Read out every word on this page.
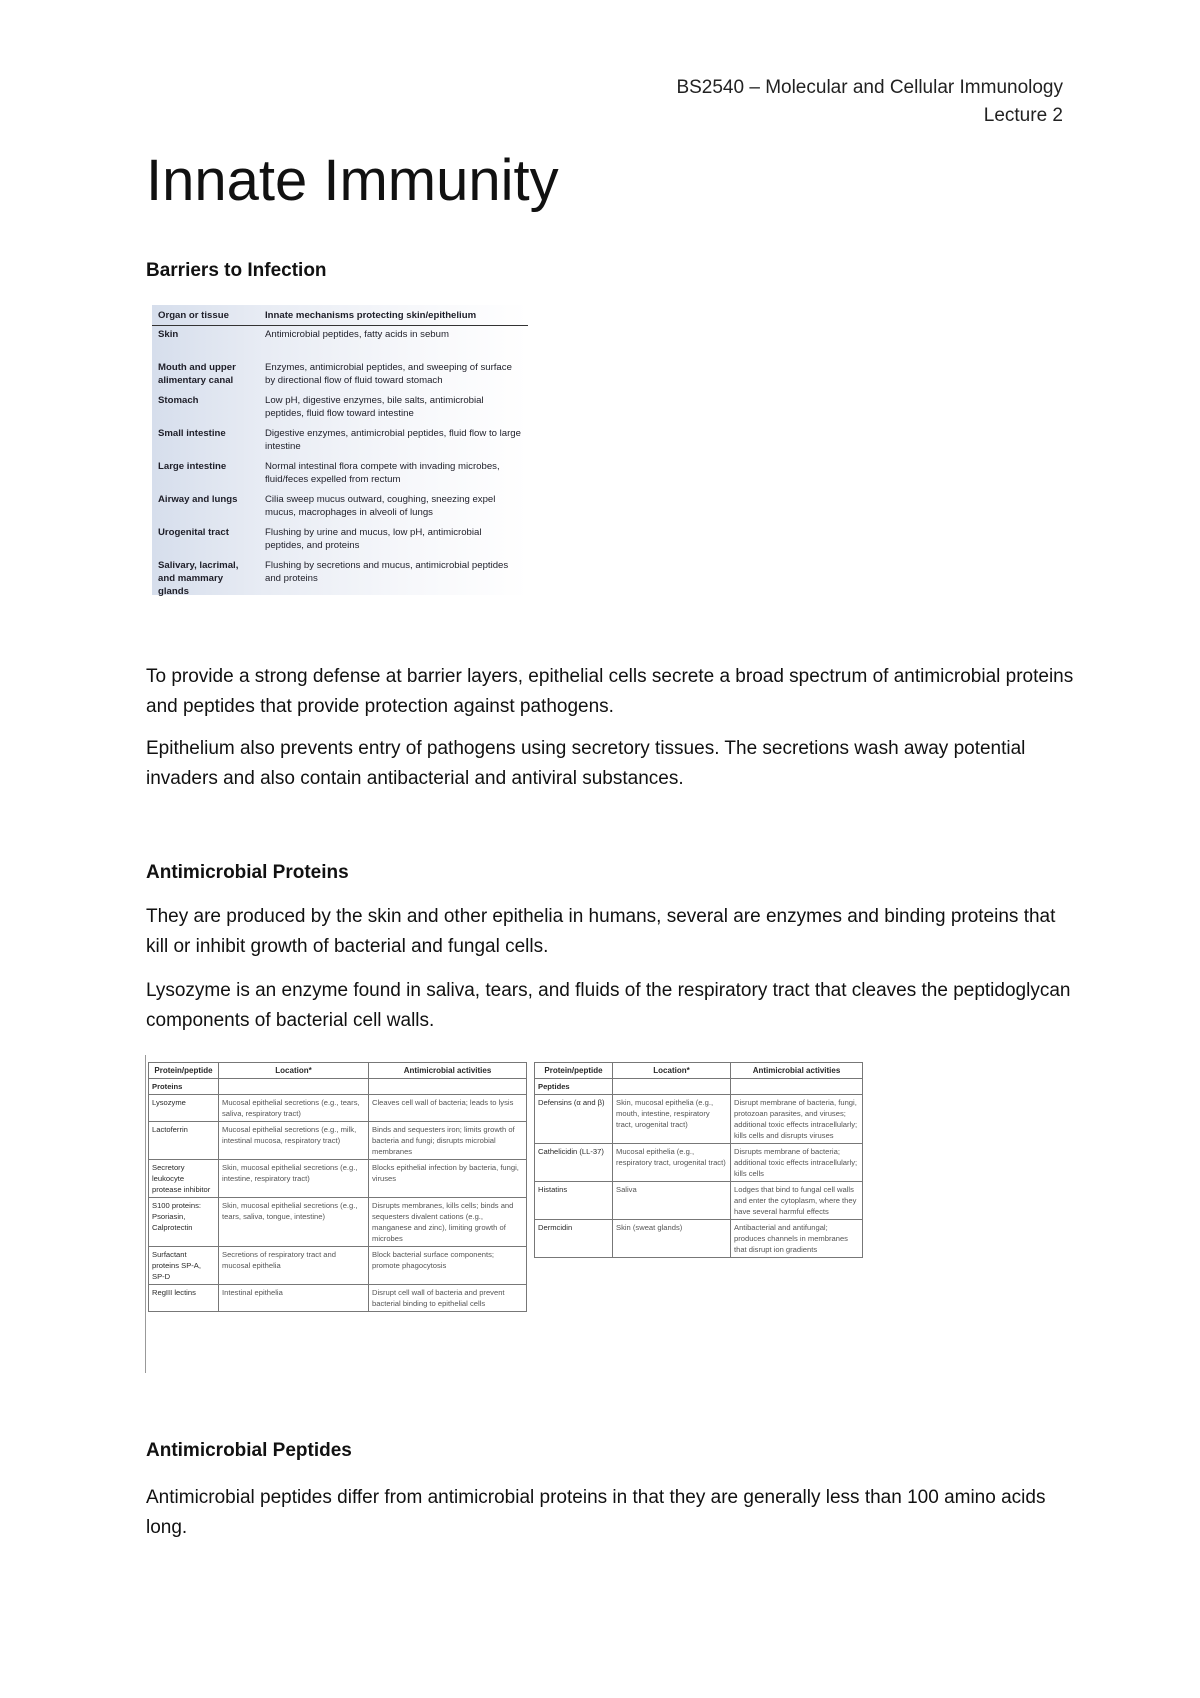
BS2540 – Molecular and Cellular Immunology
Lecture 2
Innate Immunity
Barriers to Infection
Organ or tissue	Innate mechanisms protecting skin/epithelium
Skin	Antimicrobial peptides, fatty acids in sebum
Mouth and upper alimentary canal	Enzymes, antimicrobial peptides, and sweeping of surface by directional flow of fluid toward stomach
Stomach	Low pH, digestive enzymes, bile salts, antimicrobial peptides, fluid flow toward intestine
Small intestine	Digestive enzymes, antimicrobial peptides, fluid flow to large intestine
Large intestine	Normal intestinal flora compete with invading microbes, fluid/feces expelled from rectum
Airway and lungs	Cilia sweep mucus outward, coughing, sneezing expel mucus, macrophages in alveoli of lungs
Urogenital tract	Flushing by urine and mucus, low pH, antimicrobial peptides, and proteins
Salivary, lacrimal, and mammary glands	Flushing by secretions and mucus, antimicrobial peptides and proteins

To provide a strong defense at barrier layers, epithelial cells secrete a broad spectrum of antimicrobial proteins and peptides that provide protection against pathogens.

Epithelium also prevents entry of pathogens using secretory tissues. The secretions wash away potential invaders and also contain antibacterial and antiviral substances.

Antimicrobial Proteins

They are produced by the skin and other epithelia in humans, several are enzymes and binding proteins that kill or inhibit growth of bacterial and fungal cells.

Lysozyme is an enzyme found in saliva, tears, and fluids of the respiratory tract that cleaves the peptidoglycan components of bacterial cell walls.

Protein/peptide	Location*	Antimicrobial activities
Proteins		
Lysozyme	Mucosal epithelial secretions (e.g., tears, saliva, respiratory tract)	Cleaves cell wall of bacteria; leads to lysis
Lactoferrin	Mucosal epithelial secretions (e.g., milk, intestinal mucosa, respiratory tract)	Binds and sequesters iron; limits growth of bacteria and fungi; disrupts microbial membranes
Secretory leukocyte protease inhibitor	Skin, mucosal epithelial secretions (e.g., intestine, respiratory tract)	Blocks epithelial infection by bacteria, fungi, viruses
S100 proteins: Psoriasin, Calprotectin	Skin, mucosal epithelial secretions (e.g., tears, saliva, tongue, intestine)	Disrupts membranes, kills cells; binds and sequesters divalent cations (e.g., manganese and zinc), limiting growth of microbes
Surfactant proteins SP-A, SP-D	Secretions of respiratory tract and mucosal epithelia	Block bacterial surface components; promote phagocytosis
RegIII lectins	Intestinal epithelia	Disrupt cell wall of bacteria and prevent bacterial binding to epithelial cells
Protein/peptide	Location*	Antimicrobial activities
Peptides		
Defensins (α and β)	Skin, mucosal epithelia (e.g., mouth, intestine, respiratory tract, urogenital tract)	Disrupt membrane of bacteria, fungi, protozoan parasites, and viruses; additional toxic effects intracellularly; kills cells and disrupts viruses
Cathelicidin (LL-37)	Mucosal epithelia (e.g., respiratory tract, urogenital tract)	Disrupts membrane of bacteria; additional toxic effects intracellularly; kills cells
Histatins	Saliva	Lodges that bind to fungal cell walls and enter the cytoplasm, where they have several harmful effects
Dermcidin	Skin (sweat glands)	Antibacterial and antifungal; produces channels in membranes that disrupt ion gradients
Antimicrobial Peptides

Antimicrobial peptides differ from antimicrobial proteins in that they are generally less than 100 amino acids long.
